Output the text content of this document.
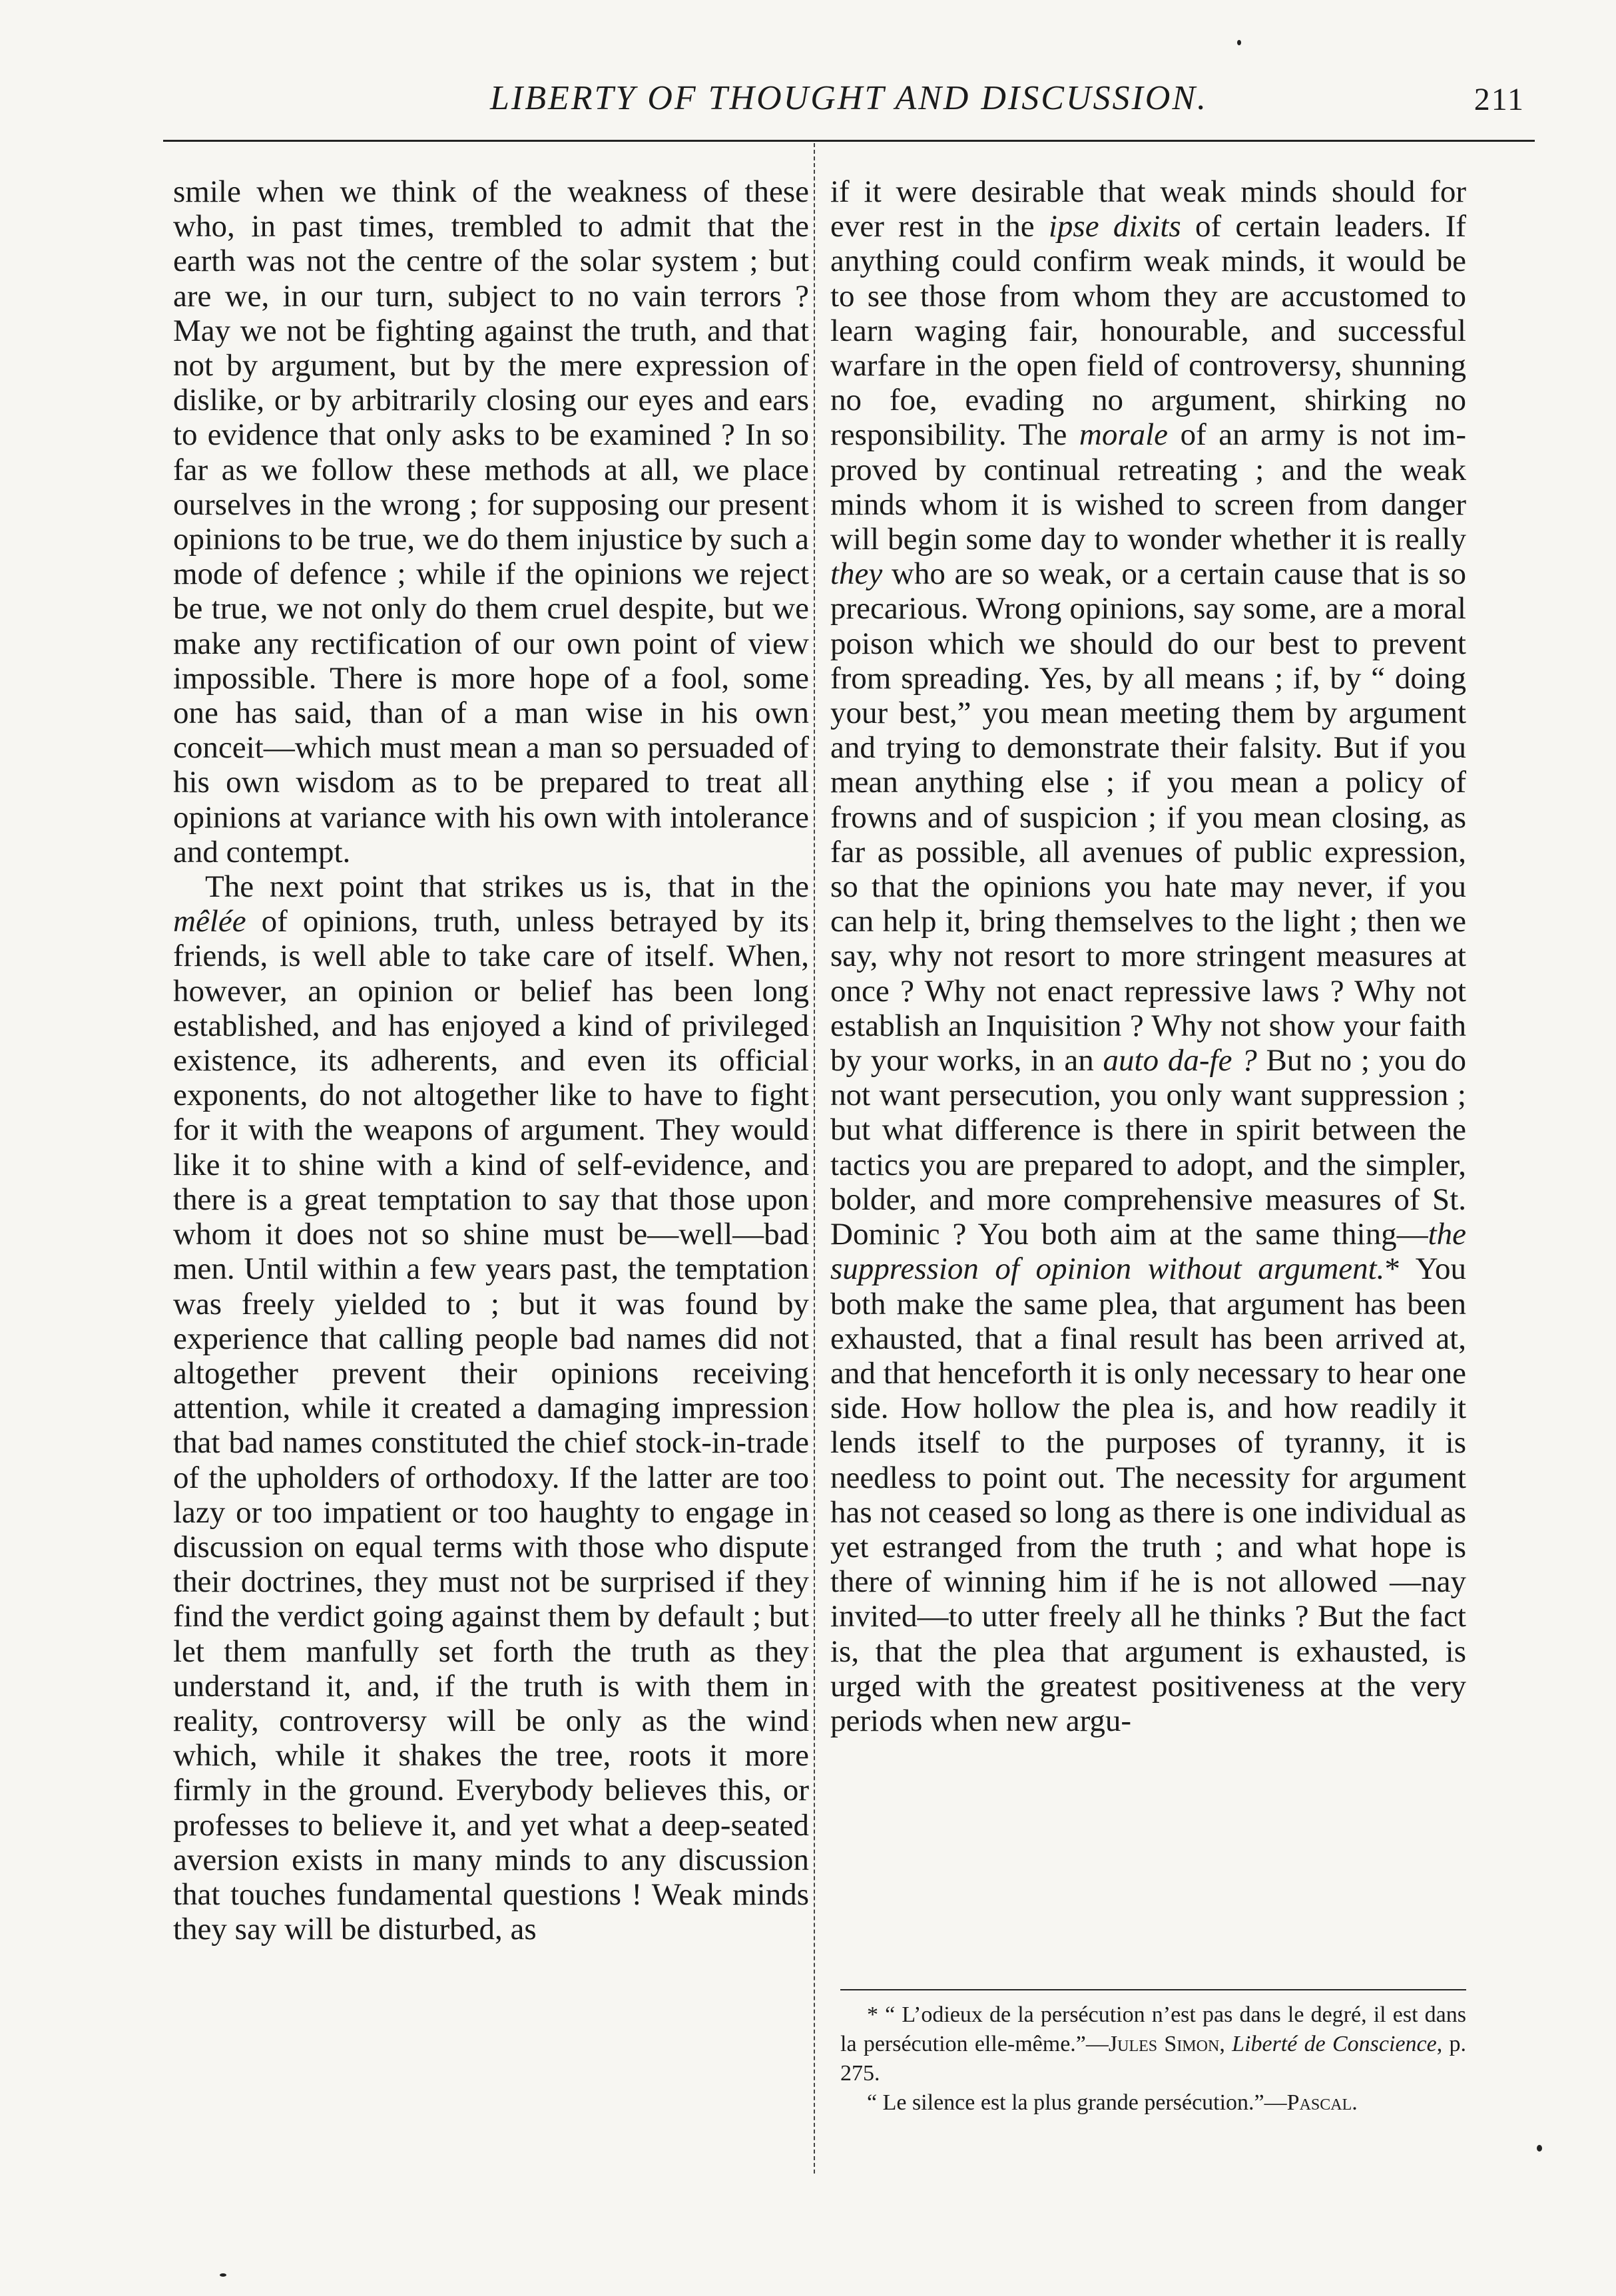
LIBERTY OF THOUGHT AND DISCUSSION.	211

smile when we think of the weakness of these who, in past times, trembled to admit that the earth was not the centre of the solar system ; but are we, in our turn, subject to no vain terrors ? May we not be fighting against the truth, and that not by argument, but by the mere expression of dislike, or by arbitrarily closing our eyes and ears to evidence that only asks to be examined ? In so far as we follow these methods at all, we place ourselves in the wrong ; for supposing our present opinions to be true, we do them injustice by such a mode of defence ; while if the opinions we reject be true, we not only do them cruel despite, but we make any rectification of our own point of view impossible. There is more hope of a fool, some one has said, than of a man wise in his own conceit—which must mean a man so persuaded of his own wisdom as to be prepared to treat all opinions at variance with his own with intolerance and contempt.

The next point that strikes us is, that in the mêlée of opinions, truth, unless betrayed by its friends, is well able to take care of itself. When, however, an opinion or belief has been long established, and has enjoyed a kind of privileged existence, its adherents, and even its official exponents, do not altogether like to have to fight for it with the weapons of argument. They would like it to shine with a kind of self-evidence, and there is a great temptation to say that those upon whom it does not so shine must be—well—bad men. Until within a few years past, the temptation was freely yielded to ; but it was found by experience that calling people bad names did not altogether prevent their opinions receiving attention, while it created a damaging impression that bad names constituted the chief stock-in-trade of the upholders of orthodoxy. If the latter are too lazy or too impatient or too haughty to engage in discussion on equal terms with those who dispute their doctrines, they must not be surprised if they find the verdict going against them by default ; but let them manfully set forth the truth as they understand it, and, if the truth is with them in reality, controversy will be only as the wind which, while it shakes the tree, roots it more firmly in the ground. Everybody believes this, or professes to believe it, and yet what a deep-seated aversion exists in many minds to any discussion that touches fundamental questions ! Weak minds they say will be disturbed, as

if it were desirable that weak minds should for ever rest in the ipse dixits of certain leaders. If anything could confirm weak minds, it would be to see those from whom they are accustomed to learn waging fair, honourable, and successful warfare in the open field of controversy, shunning no foe, evading no argument, shirking no responsibility. The morale of an army is not improved by continual retreating ; and the weak minds whom it is wished to screen from danger will begin some day to wonder whether it is really they who are so weak, or a certain cause that is so precarious. Wrong opinions, say some, are a moral poison which we should do our best to prevent from spreading. Yes, by all means ; if, by “ doing your best,” you mean meeting them by argument and trying to demonstrate their falsity. But if you mean anything else ; if you mean a policy of frowns and of suspicion ; if you mean closing, as far as possible, all avenues of public expression, so that the opinions you hate may never, if you can help it, bring themselves to the light ; then we say, why not resort to more stringent measures at once ? Why not enact repressive laws ? Why not establish an Inquisition ? Why not show your faith by your works, in an auto da-fe ? But no ; you do not want persecution, you only want suppression ; but what difference is there in spirit between the tactics you are prepared to adopt, and the simpler, bolder, and more comprehensive measures of St. Dominic ? You both aim at the same thing—the suppression of opinion without argument.* You both make the same plea, that argument has been exhausted, that a final result has been arrived at, and that henceforth it is only necessary to hear one side. How hollow the plea is, and how readily it lends itself to the purposes of tyranny, it is needless to point out. The necessity for argument has not ceased so long as there is one individual as yet estranged from the truth ; and what hope is there of winning him if he is not allowed —nay invited—to utter freely all he thinks ? But the fact is, that the plea that argument is exhausted, is urged with the greatest positiveness at the very periods when new argu-

* “ L’odieux de la persécution n’est pas dans le degré, il est dans la persécution elle-même.”—Jules Simon, Liberté de Conscience, p. 275.

“ Le silence est la plus grande persécution.”—Pascal.
